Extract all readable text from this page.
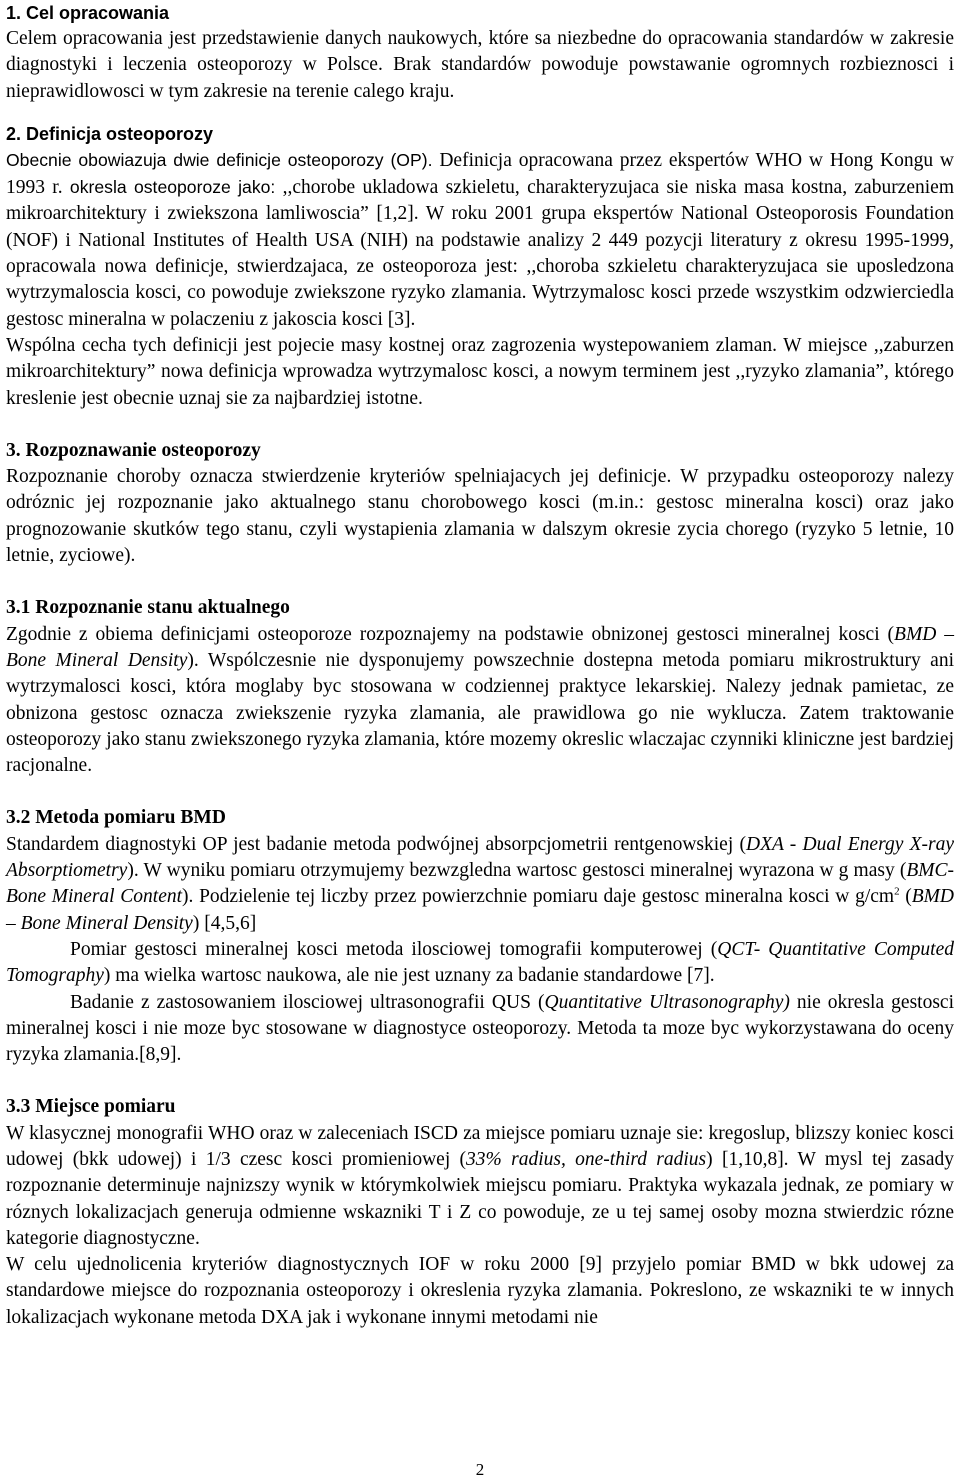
1. Cel opracowania

Celem opracowania jest przedstawienie danych naukowych, które sa niezbedne do opracowania standardów w zakresie diagnostyki i leczenia osteoporozy w Polsce. Brak standardów powoduje powstawanie ogromnych rozbieznosci i nieprawidlowosci w tym zakresie na terenie calego kraju.

2. Definicja osteoporozy

Obecnie obowiazuja dwie definicje osteoporozy (OP). Definicja opracowana przez ekspertów WHO w Hong Kongu w 1993 r. okresla osteoporoze jako: ,,chorobe ukladowa szkieletu, charakteryzujaca sie niska masa kostna, zaburzeniem mikroarchitektury i zwiekszona lamliwoscia” [1,2]. W roku 2001 grupa ekspertów National Osteoporosis Foundation (NOF) i National Institutes of Health USA (NIH) na podstawie analizy 2 449 pozycji literatury z okresu 1995-1999, opracowala nowa definicje, stwierdzajaca, ze osteoporoza jest: ,,choroba szkieletu charakteryzujaca sie uposledzona wytrzymaloscia kosci, co powoduje zwiekszone ryzyko zlamania. Wytrzymalosc kosci przede wszystkim odzwierciedla gestosc mineralna w polaczeniu z jakoscia kosci [3].

Wspólna cecha tych definicji jest pojecie masy kostnej oraz zagrozenia wystepowaniem zlaman. W miejsce ,,zaburzen mikroarchitektury” nowa definicja wprowadza wytrzymalosc kosci, a nowym terminem jest ,,ryzyko zlamania”, którego kreslenie jest obecnie uznaj sie za najbardziej istotne.

3. Rozpoznawanie osteoporozy

Rozpoznanie choroby oznacza stwierdzenie kryteriów spelniajacych jej definicje. W przypadku osteoporozy nalezy odróznic jej rozpoznanie jako aktualnego stanu chorobowego kosci (m.in.: gestosc mineralna kosci) oraz jako prognozowanie skutków tego stanu, czyli wystapienia zlamania w dalszym okresie zycia chorego (ryzyko 5 letnie, 10 letnie, zyciowe).

3.1 Rozpoznanie stanu aktualnego

Zgodnie z obiema definicjami osteoporoze rozpoznajemy na podstawie obnizonej gestosci mineralnej kosci (BMD – Bone Mineral Density). Wspólczesnie nie dysponujemy powszechnie dostepna metoda pomiaru mikrostruktury ani wytrzymalosci kosci, która moglaby byc stosowana w codziennej praktyce lekarskiej. Nalezy jednak pamietac, ze obnizona gestosc oznacza zwiekszenie ryzyka zlamania, ale prawidlowa go nie wyklucza. Zatem traktowanie osteoporozy jako stanu zwiekszonego ryzyka zlamania, które mozemy okreslic wlaczajac czynniki kliniczne jest bardziej racjonalne.

3.2 Metoda pomiaru BMD

Standardem diagnostyki OP jest badanie metoda podwójnej absorpcjometrii rentgenowskiej (DXA - Dual Energy X-ray Absorptiometry). W wyniku pomiaru otrzymujemy bezwzgledna wartosc gestosci mineralnej wyrazona w g masy (BMC- Bone Mineral Content). Podzielenie tej liczby przez powierzchnie pomiaru daje gestosc mineralna kosci w $g/cm^2$ (BMD – Bone Mineral Density) [4,5,6]

Pomiar gestosci mineralnej kosci metoda ilosciowej tomografii komputerowej (QCT- Quantitative Computed Tomography) ma wielka wartosc naukowa, ale nie jest uznany za badanie standardowe [7].

Badanie z zastosowaniem ilosciowej ultrasonografii QUS (Quantitative Ultrasonography) nie okresla gestosci mineralnej kosci i nie moze byc stosowane w diagnostyce osteoporozy. Metoda ta moze byc wykorzystawana do oceny ryzyka zlamania.[8,9].

3.3 Miejsce pomiaru

W klasycznej monografii WHO oraz w zaleceniach ISCD za miejsce pomiaru uznaje sie: kregoslup, blizszy koniec kosci udowej (bkk udowej) i 1/3 czesc kosci promieniowej (33% radius, one-third radius) [1,10,8]. W mysl tej zasady rozpoznanie determinuje najnizszy wynik w którymkolwiek miejscu pomiaru. Praktyka wykazala jednak, ze pomiary w róznych lokalizacjach generuja odmienne wskazniki T i Z co powoduje, ze u tej samej osoby mozna stwierdzic rózne kategorie diagnostyczne.

W celu ujednolicenia kryteriów diagnostycznych IOF w roku 2000 [9] przyjelo pomiar BMD w bkk udowej za standardowe miejsce do rozpoznania osteoporozy i okreslenia ryzyka zlamania. Pokreslono, ze wskazniki te w innych lokalizacjach wykonane metoda DXA jak i wykonane innymi metodami nie

2
